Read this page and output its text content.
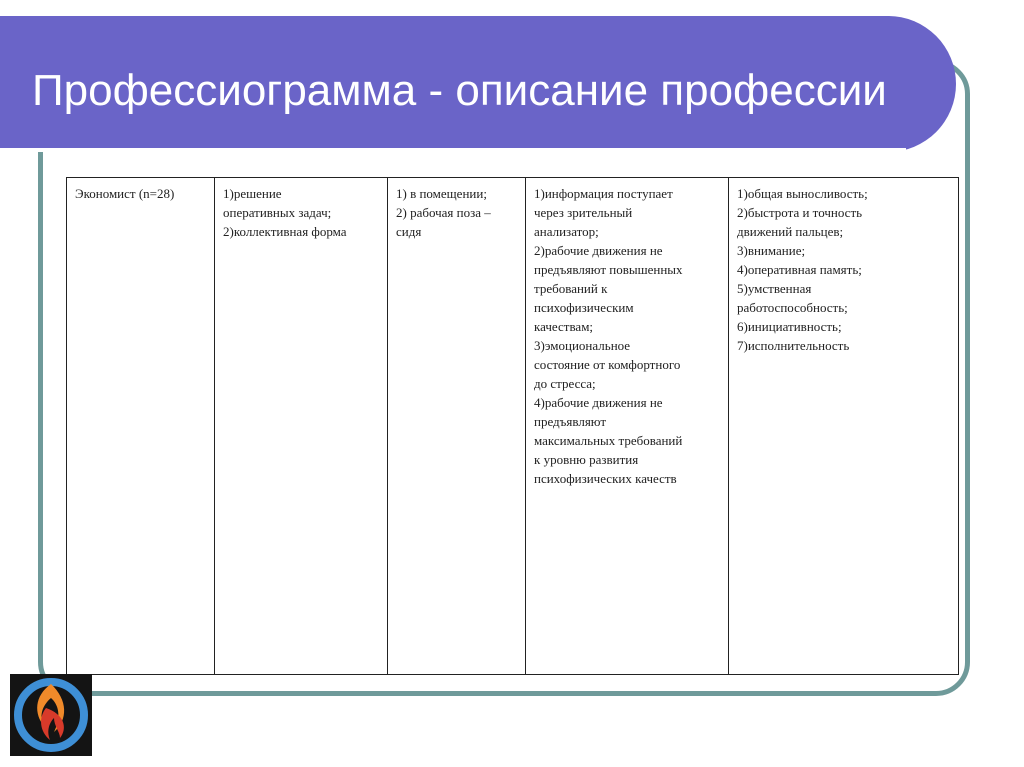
Профессиограмма - описание профессии
Экономист (n=28)	1)решение
оперативных задач;
2)коллективная форма	1) в помещении;
2) рабочая поза –
сидя	1)информация поступает
через зрительный
анализатор;
2)рабочие движения не
предъявляют повышенных
требований к
психофизическим
качествам;
3)эмоциональное
состояние от комфортного
до стресса;
4)рабочие движения не
предъявляют
максимальных требований
к уровню развития
психофизических качеств	1)общая выносливость;
2)быстрота и точность
движений пальцев;
3)внимание;
4)оперативная память;
5)умственная
работоспособность;
6)инициативность;
7)исполнительность
